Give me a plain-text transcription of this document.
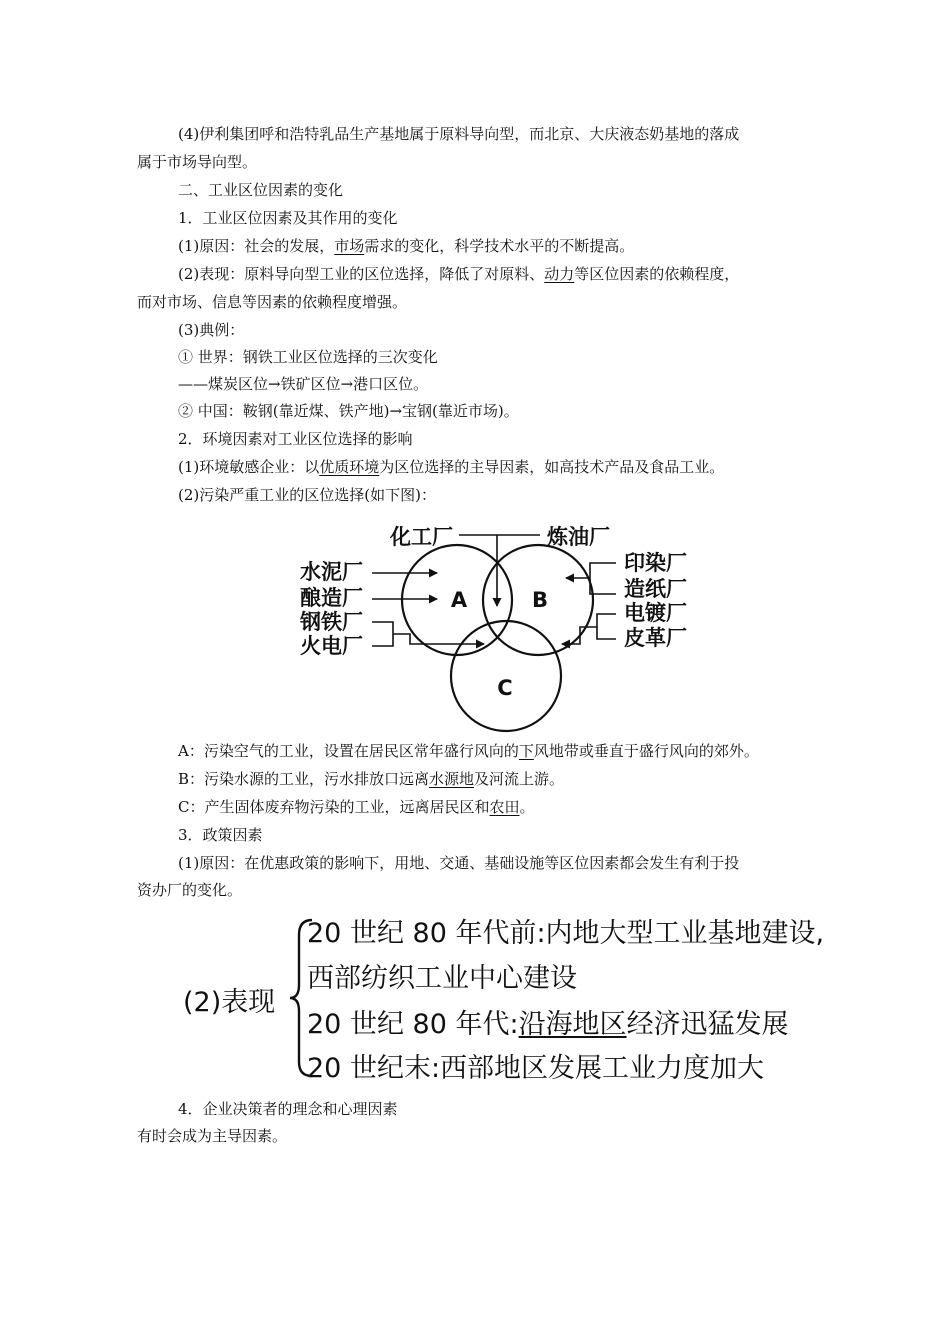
(4)伊利集团呼和浩特乳品生产基地属于原料导向型，而北京、大庆液态奶基地的落成
属于市场导向型。
二、工业区位因素的变化
1．工业区位因素及其作用的变化
(1)原因：社会的发展，市场需求的变化，科学技术水平的不断提高。
(2)表现：原料导向型工业的区位选择，降低了对原料、动力等区位因素的依赖程度，
而对市场、信息等因素的依赖程度增强。
(3)典例：
① 世界：钢铁工业区位选择的三次变化
——煤炭区位→铁矿区位→港口区位。
② 中国：鞍钢(靠近煤、铁产地)→宝钢(靠近市场)。
2．环境因素对工业区位选择的影响
(1)环境敏感企业：以优质环境为区位选择的主导因素，如高技术产品及食品工业。
(2)污染严重工业的区位选择(如下图)：
A	B
C
化工厂	炼油厂
水泥厂
酿造厂
钢铁厂
火电厂
印染厂
造纸厂
电镀厂
皮革厂
A：污染空气的工业，设置在居民区常年盛行风向的下风地带或垂直于盛行风向的郊外。
B：污染水源的工业，污水排放口远离水源地及河流上游。
C：产生固体废弃物污染的工业，远离居民区和农田。
3．政策因素
(1)原因：在优惠政策的影响下，用地、交通、基础设施等区位因素都会发生有利于投
资办厂的变化。
(2)表现
20 世纪 80 年代前:内地大型工业基地建设,
西部纺织工业中心建设
20 世纪 80 年代:沿海地区经济迅猛发展
20 世纪末:西部地区发展工业力度加大
4．企业决策者的理念和心理因素
有时会成为主导因素。
